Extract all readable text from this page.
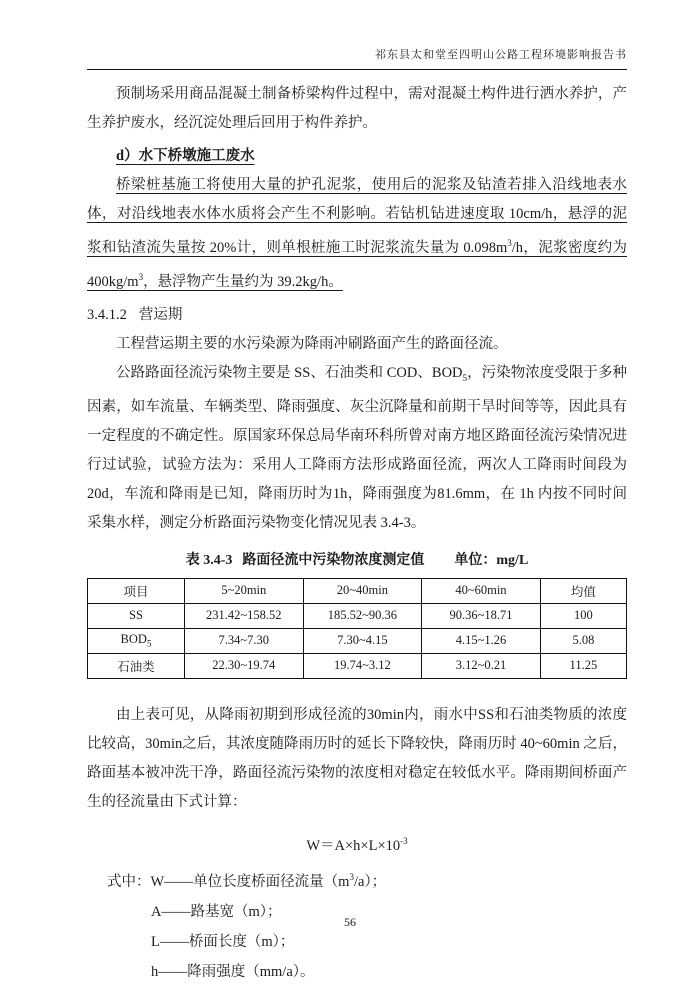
祁东县太和堂至四明山公路工程环境影响报告书

预制场采用商品混凝土制备桥梁构件过程中，需对混凝土构件进行洒水养护，产生养护废水，经沉淀处理后回用于构件养护。

d）水下桥墩施工废水

桥梁桩基施工将使用大量的护孔泥浆，使用后的泥浆及钻渣若排入沿线地表水体，对沿线地表水体水质将会产生不利影响。若钻机钻进速度取 10cm/h，悬浮的泥浆和钻渣流失量按 20%计，则单根桩施工时泥浆流失量为 $0.098m^3/h$，泥浆密度约为$400kg/m^3$，悬浮物产生量约为 39.2kg/h。

3.4.1.2 营运期

工程营运期主要的水污染源为降雨冲刷路面产生的路面径流。

公路路面径流污染物主要是 SS、石油类和 COD、$BOD_5$，污染物浓度受限于多种因素，如车流量、车辆类型、降雨强度、灰尘沉降量和前期干旱时间等等，因此具有一定程度的不确定性。原国家环保总局华南环科所曾对南方地区路面径流污染情况进行过试验，试验方法为：采用人工降雨方法形成路面径流，两次人工降雨时间段为20d，车流和降雨是已知，降雨历时为1h，降雨强度为81.6mm，在 1h 内按不同时间采集水样，测定分析路面污染物变化情况见表 3.4-3。

表 3.4-3 路面径流中污染物浓度测定值 单位：mg/L
项目	5~20min	20~40min	40~60min	均值
SS	231.42~158.52	185.52~90.36	90.36~18.71	100
$BOD_5$	7.34~7.30	7.30~4.15	4.15~1.26	5.08
石油类	22.30~19.74	19.74~3.12	3.12~0.21	11.25

由上表可见，从降雨初期到形成径流的30min内，雨水中SS和石油类物质的浓度比较高，30min之后，其浓度随降雨历时的延长下降较快，降雨历时 40~60min 之后，路面基本被冲洗干净，路面径流污染物的浓度相对稳定在较低水平。降雨期间桥面产生的径流量由下式计算：

$W=A\times h\times L\times 10^{-3}$

式中：W——单位长度桥面径流量$(m^3/a)$；

A——路基宽（m）；

L——桥面长度（m）；

h——降雨强度（mm/a）。

56
